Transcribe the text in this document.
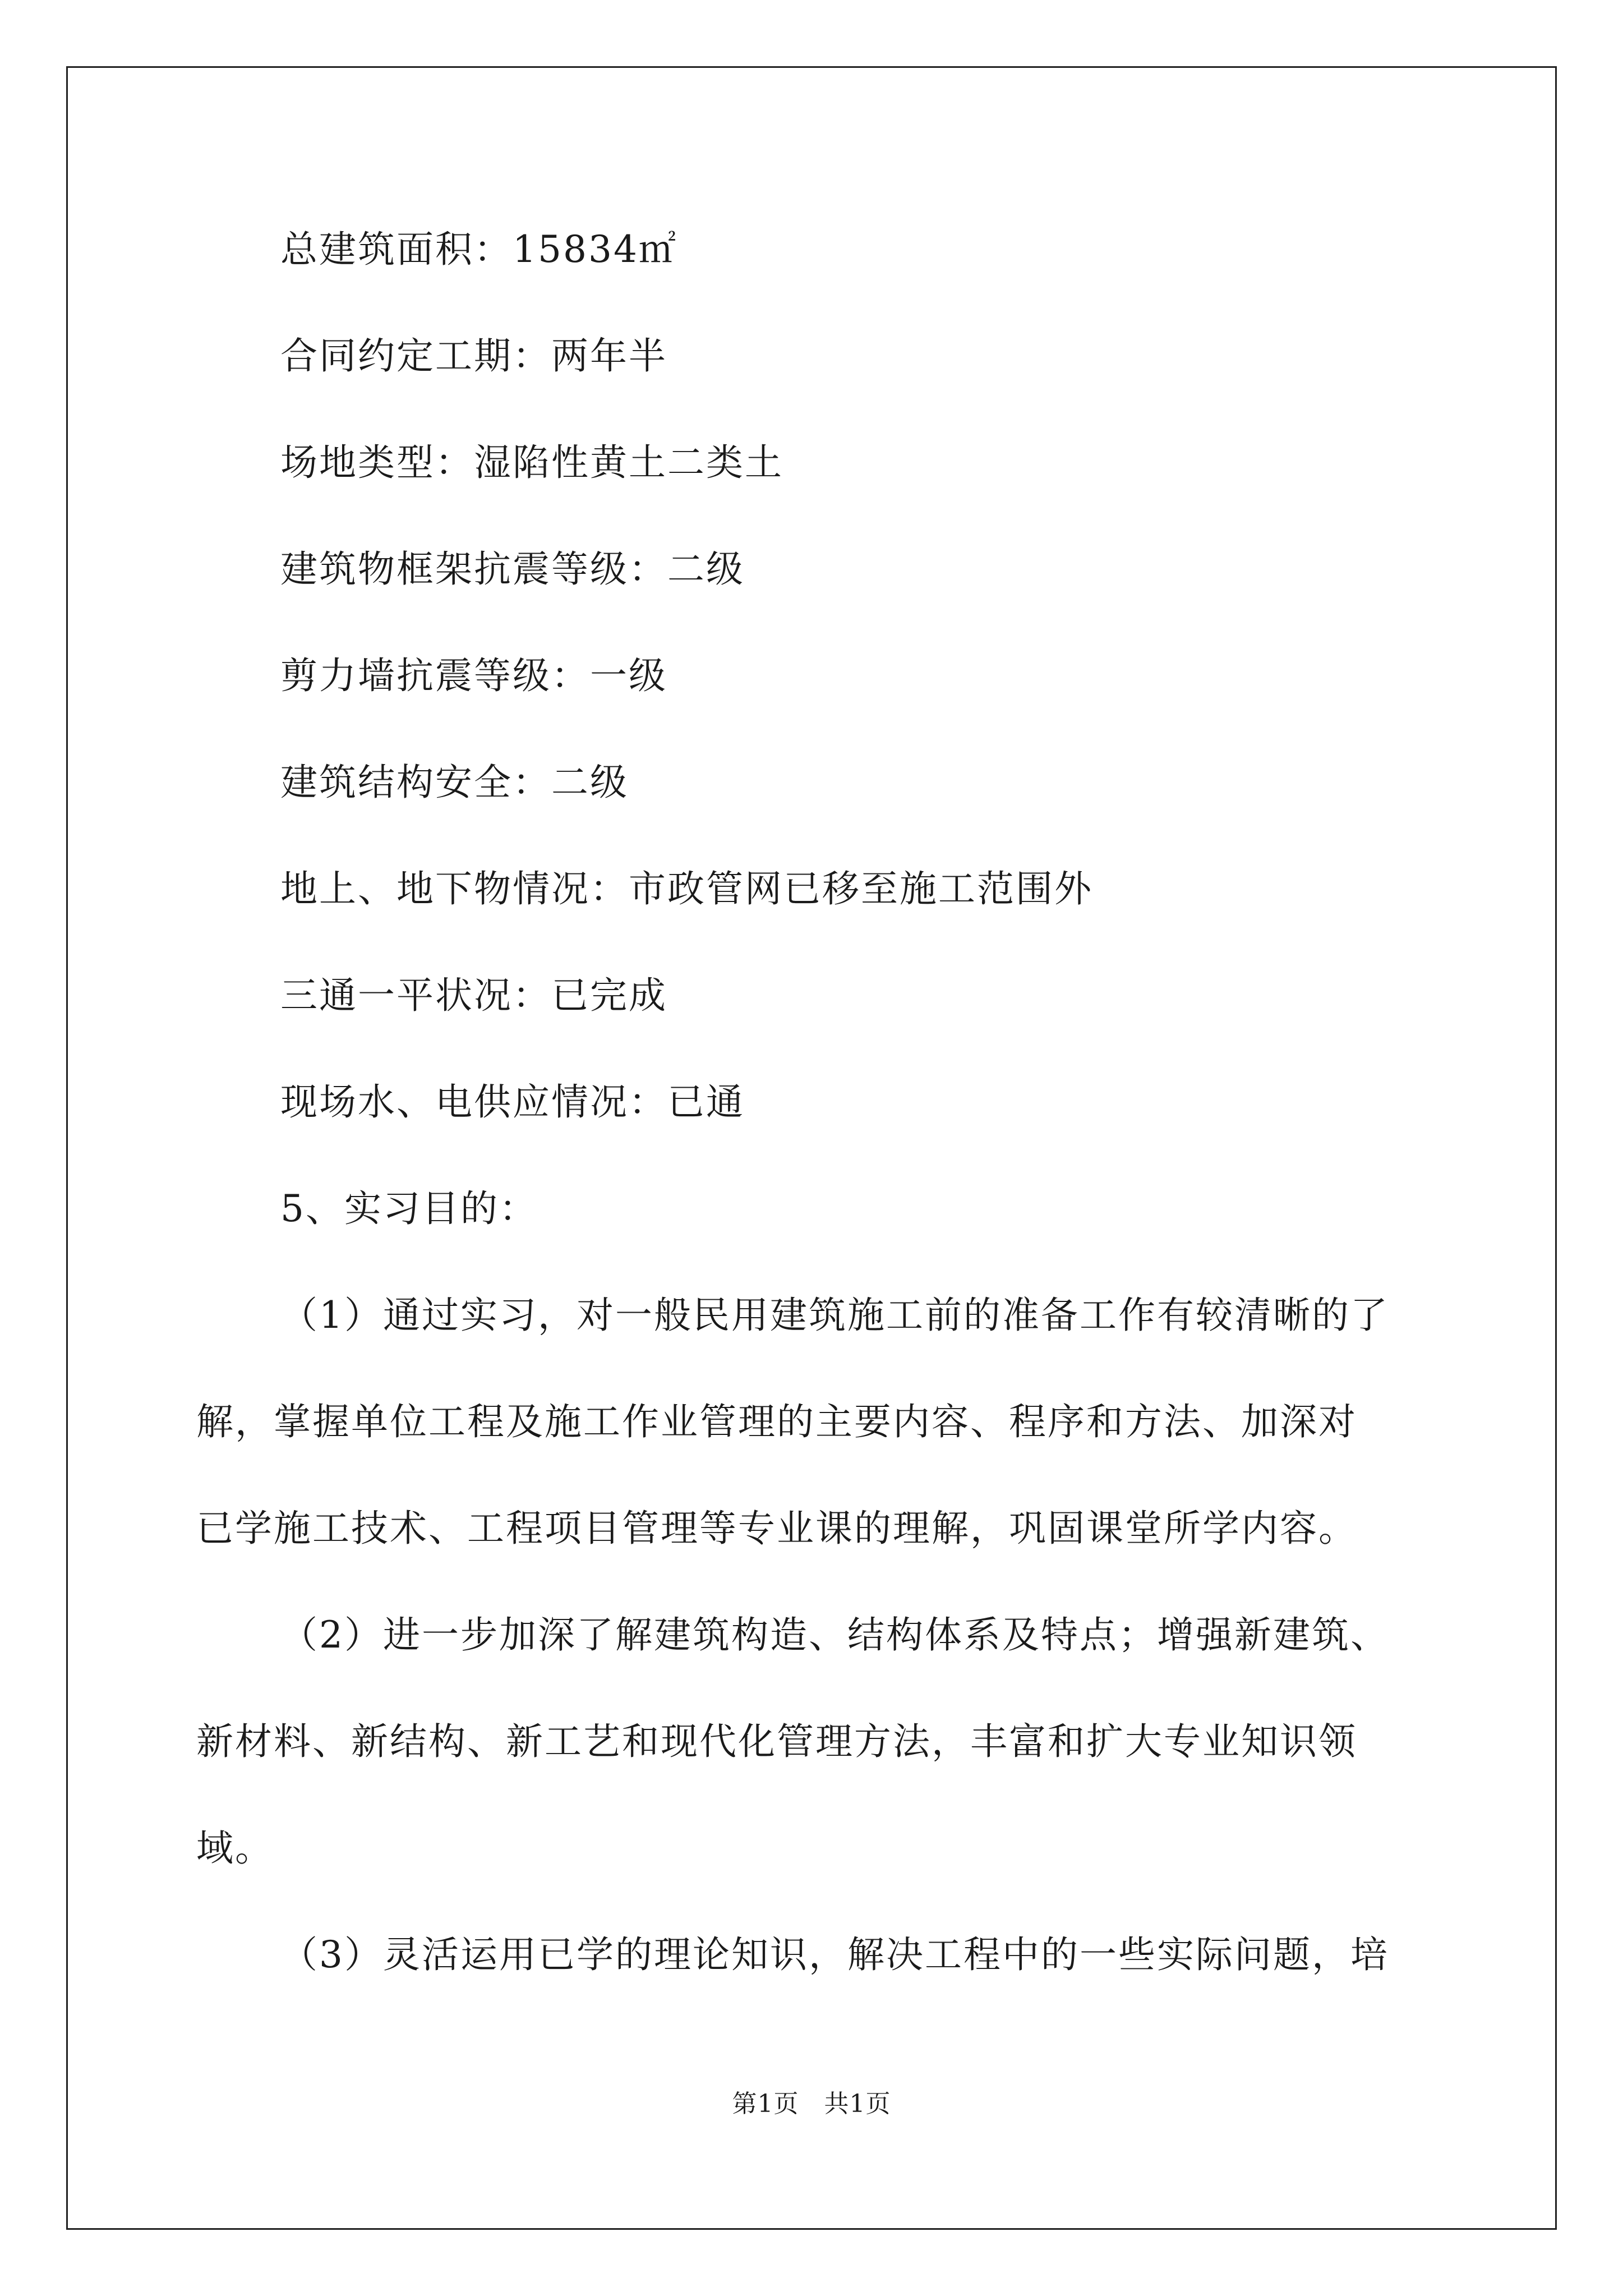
总建筑面积：15834㎡
合同约定工期：两年半
场地类型：湿陷性黄土二类土
建筑物框架抗震等级：二级
剪力墙抗震等级：一级
建筑结构安全：二级
地上、地下物情况：市政管网已移至施工范围外
三通一平状况：已完成
现场水、电供应情况：已通
5、实习目的：
（1）通过实习，对一般民用建筑施工前的准备工作有较清晰的了
解，掌握单位工程及施工作业管理的主要内容、程序和方法、加深对
已学施工技术、工程项目管理等专业课的理解，巩固课堂所学内容。
（2）进一步加深了解建筑构造、结构体系及特点；增强新建筑、
新材料、新结构、新工艺和现代化管理方法，丰富和扩大专业知识领
域。
（3）灵活运用已学的理论知识，解决工程中的一些实际问题，培
第1页　共1页
